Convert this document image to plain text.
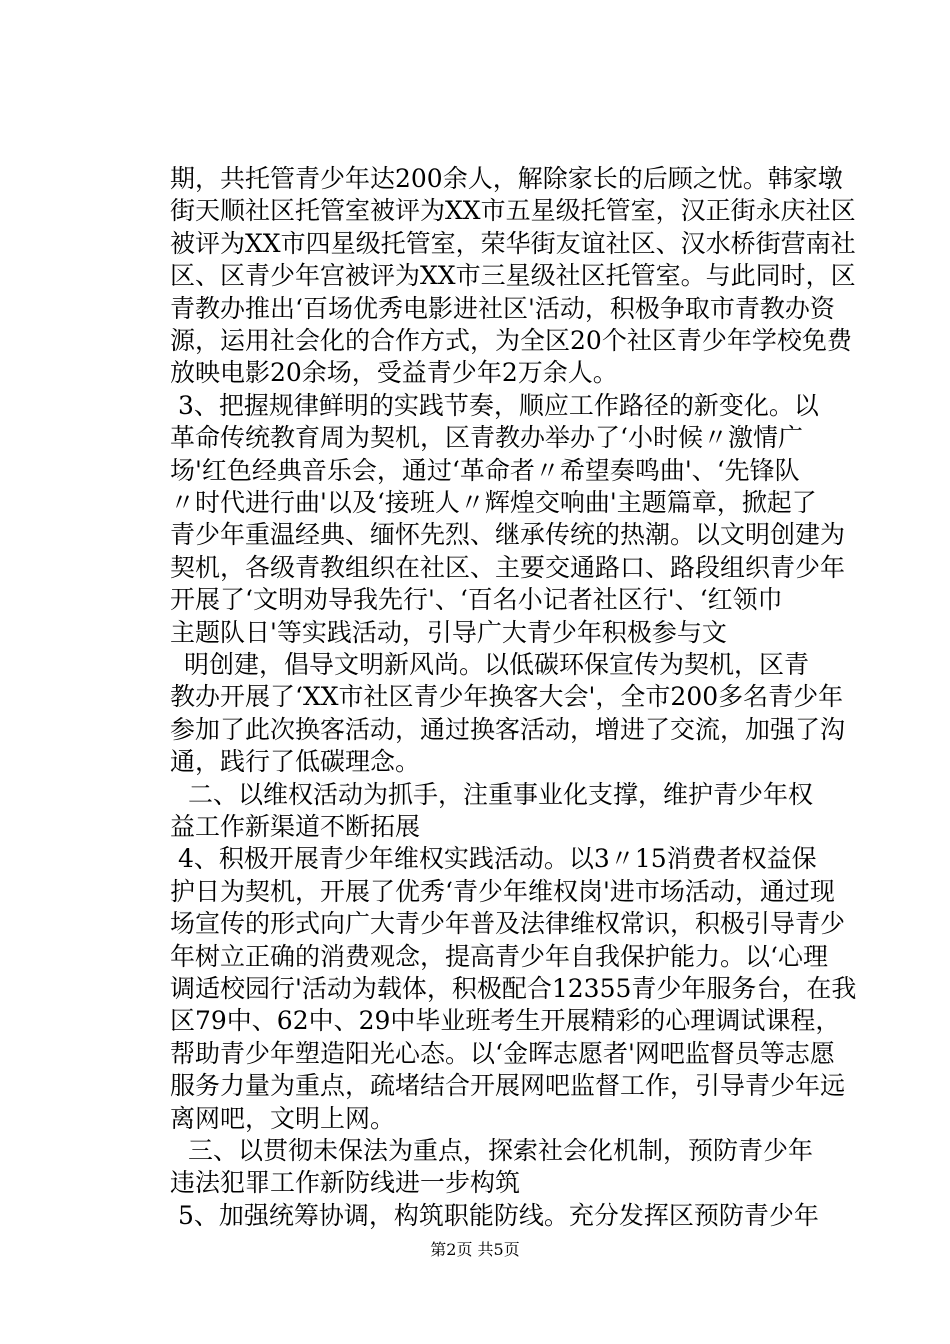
期，共托管青少年达200余人，解除家长的后顾之忧。韩家墩
街天顺社区托管室被评为XX市五星级托管室，汉正街永庆社区
被评为XX市四星级托管室，荣华街友谊社区、汉水桥街营南社
区、区青少年宫被评为XX市三星级社区托管室。与此同时，区
青教办推出‘百场优秀电影进社区'活动，积极争取市青教办资
源，运用社会化的合作方式，为全区20个社区青少年学校免费
放映电影20余场，受益青少年2万余人。
3、把握规律鲜明的实践节奏，顺应工作路径的新变化。以
革命传统教育周为契机，区青教办举办了‘小时候〃激情广
场'红色经典音乐会，通过‘革命者〃希望奏鸣曲'、‘先锋队
〃时代进行曲'以及‘接班人〃辉煌交响曲'主题篇章，掀起了
青少年重温经典、缅怀先烈、继承传统的热潮。以文明创建为
契机，各级青教组织在社区、主要交通路口、路段组织青少年
开展了‘文明劝导我先行'、‘百名小记者社区行'、‘红领巾
主题队日'等实践活动，引导广大青少年积极参与文
明创建，倡导文明新风尚。以低碳环保宣传为契机，区青
教办开展了‘XX市社区青少年换客大会'，全市200多名青少年
参加了此次换客活动，通过换客活动，增进了交流，加强了沟
通，践行了低碳理念。
二、以维权活动为抓手，注重事业化支撑，维护青少年权
益工作新渠道不断拓展
4、积极开展青少年维权实践活动。以3〃15消费者权益保
护日为契机，开展了优秀‘青少年维权岗'进市场活动，通过现
场宣传的形式向广大青少年普及法律维权常识，积极引导青少
年树立正确的消费观念，提高青少年自我保护能力。以‘心理
调适校园行'活动为载体，积极配合12355青少年服务台，在我
区79中、62中、29中毕业班考生开展精彩的心理调试课程，
帮助青少年塑造阳光心态。以‘金晖志愿者'网吧监督员等志愿
服务力量为重点，疏堵结合开展网吧监督工作，引导青少年远
离网吧，文明上网。
三、以贯彻未保法为重点，探索社会化机制，预防青少年
违法犯罪工作新防线进一步构筑
5、加强统筹协调，构筑职能防线。充分发挥区预防青少年
第2页 共5页
